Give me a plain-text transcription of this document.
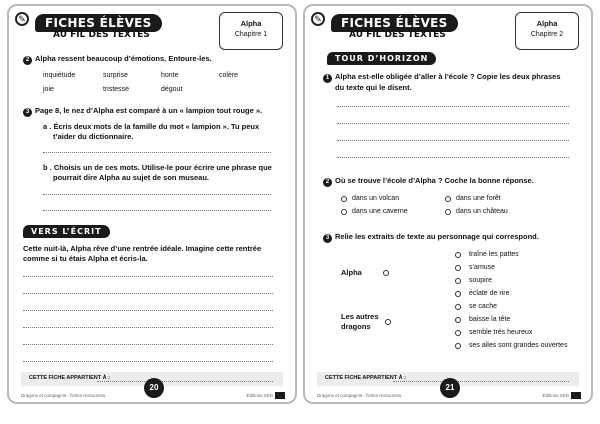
✎	FICHES ÉLÈVES
AU FIL DES TEXTES
Alpha
Chapitre 1
2 Alpha ressent beaucoup d’émotions. Entoure-les.
inquiétude	surprise	honte	colère
joie	tristesse	dégout
3 Page 8, le nez d’Alpha est comparé à un « lampion tout rouge ».
a . Écris deux mots de la famille du mot « lampion ». Tu peux
t’aider du dictionnaire.
b . Choisis un de ces mots. Utilise-le pour écrire une phrase que
pourrait dire Alpha au sujet de son museau.
VERS L’ÉCRIT
Cette nuit-là, Alpha rêve d’une rentrée idéale. Imagine cette rentrée
comme si tu étais Alpha et écris-la.
CETTE FICHE APPARTIENT À :
Dragons et compagnie - fiches ressources
20
Éditions SED
✎	FICHES ÉLÈVES
AU FIL DES TEXTES
Alpha
Chapitre 2
TOUR D’HORIZON
1 Alpha est-elle obligée d’aller à l’école ? Copie les deux phrases
du texte qui le disent.
2 Où se trouve l’école d’Alpha ? Coche la bonne réponse.
dans un volcan	dans une forêt
dans une caverne	dans un château
3 Relie les extraits de texte au personnage qui correspond.
Alpha
Les autres
dragons
traîne les pattes
s’amuse
soupire
éclate de rire
se cache
baisse la tête
semble très heureux
ses ailes sont grandes ouvertes
CETTE FICHE APPARTIENT À :
Dragons et compagnie - fiches ressources
21
Éditions SED
